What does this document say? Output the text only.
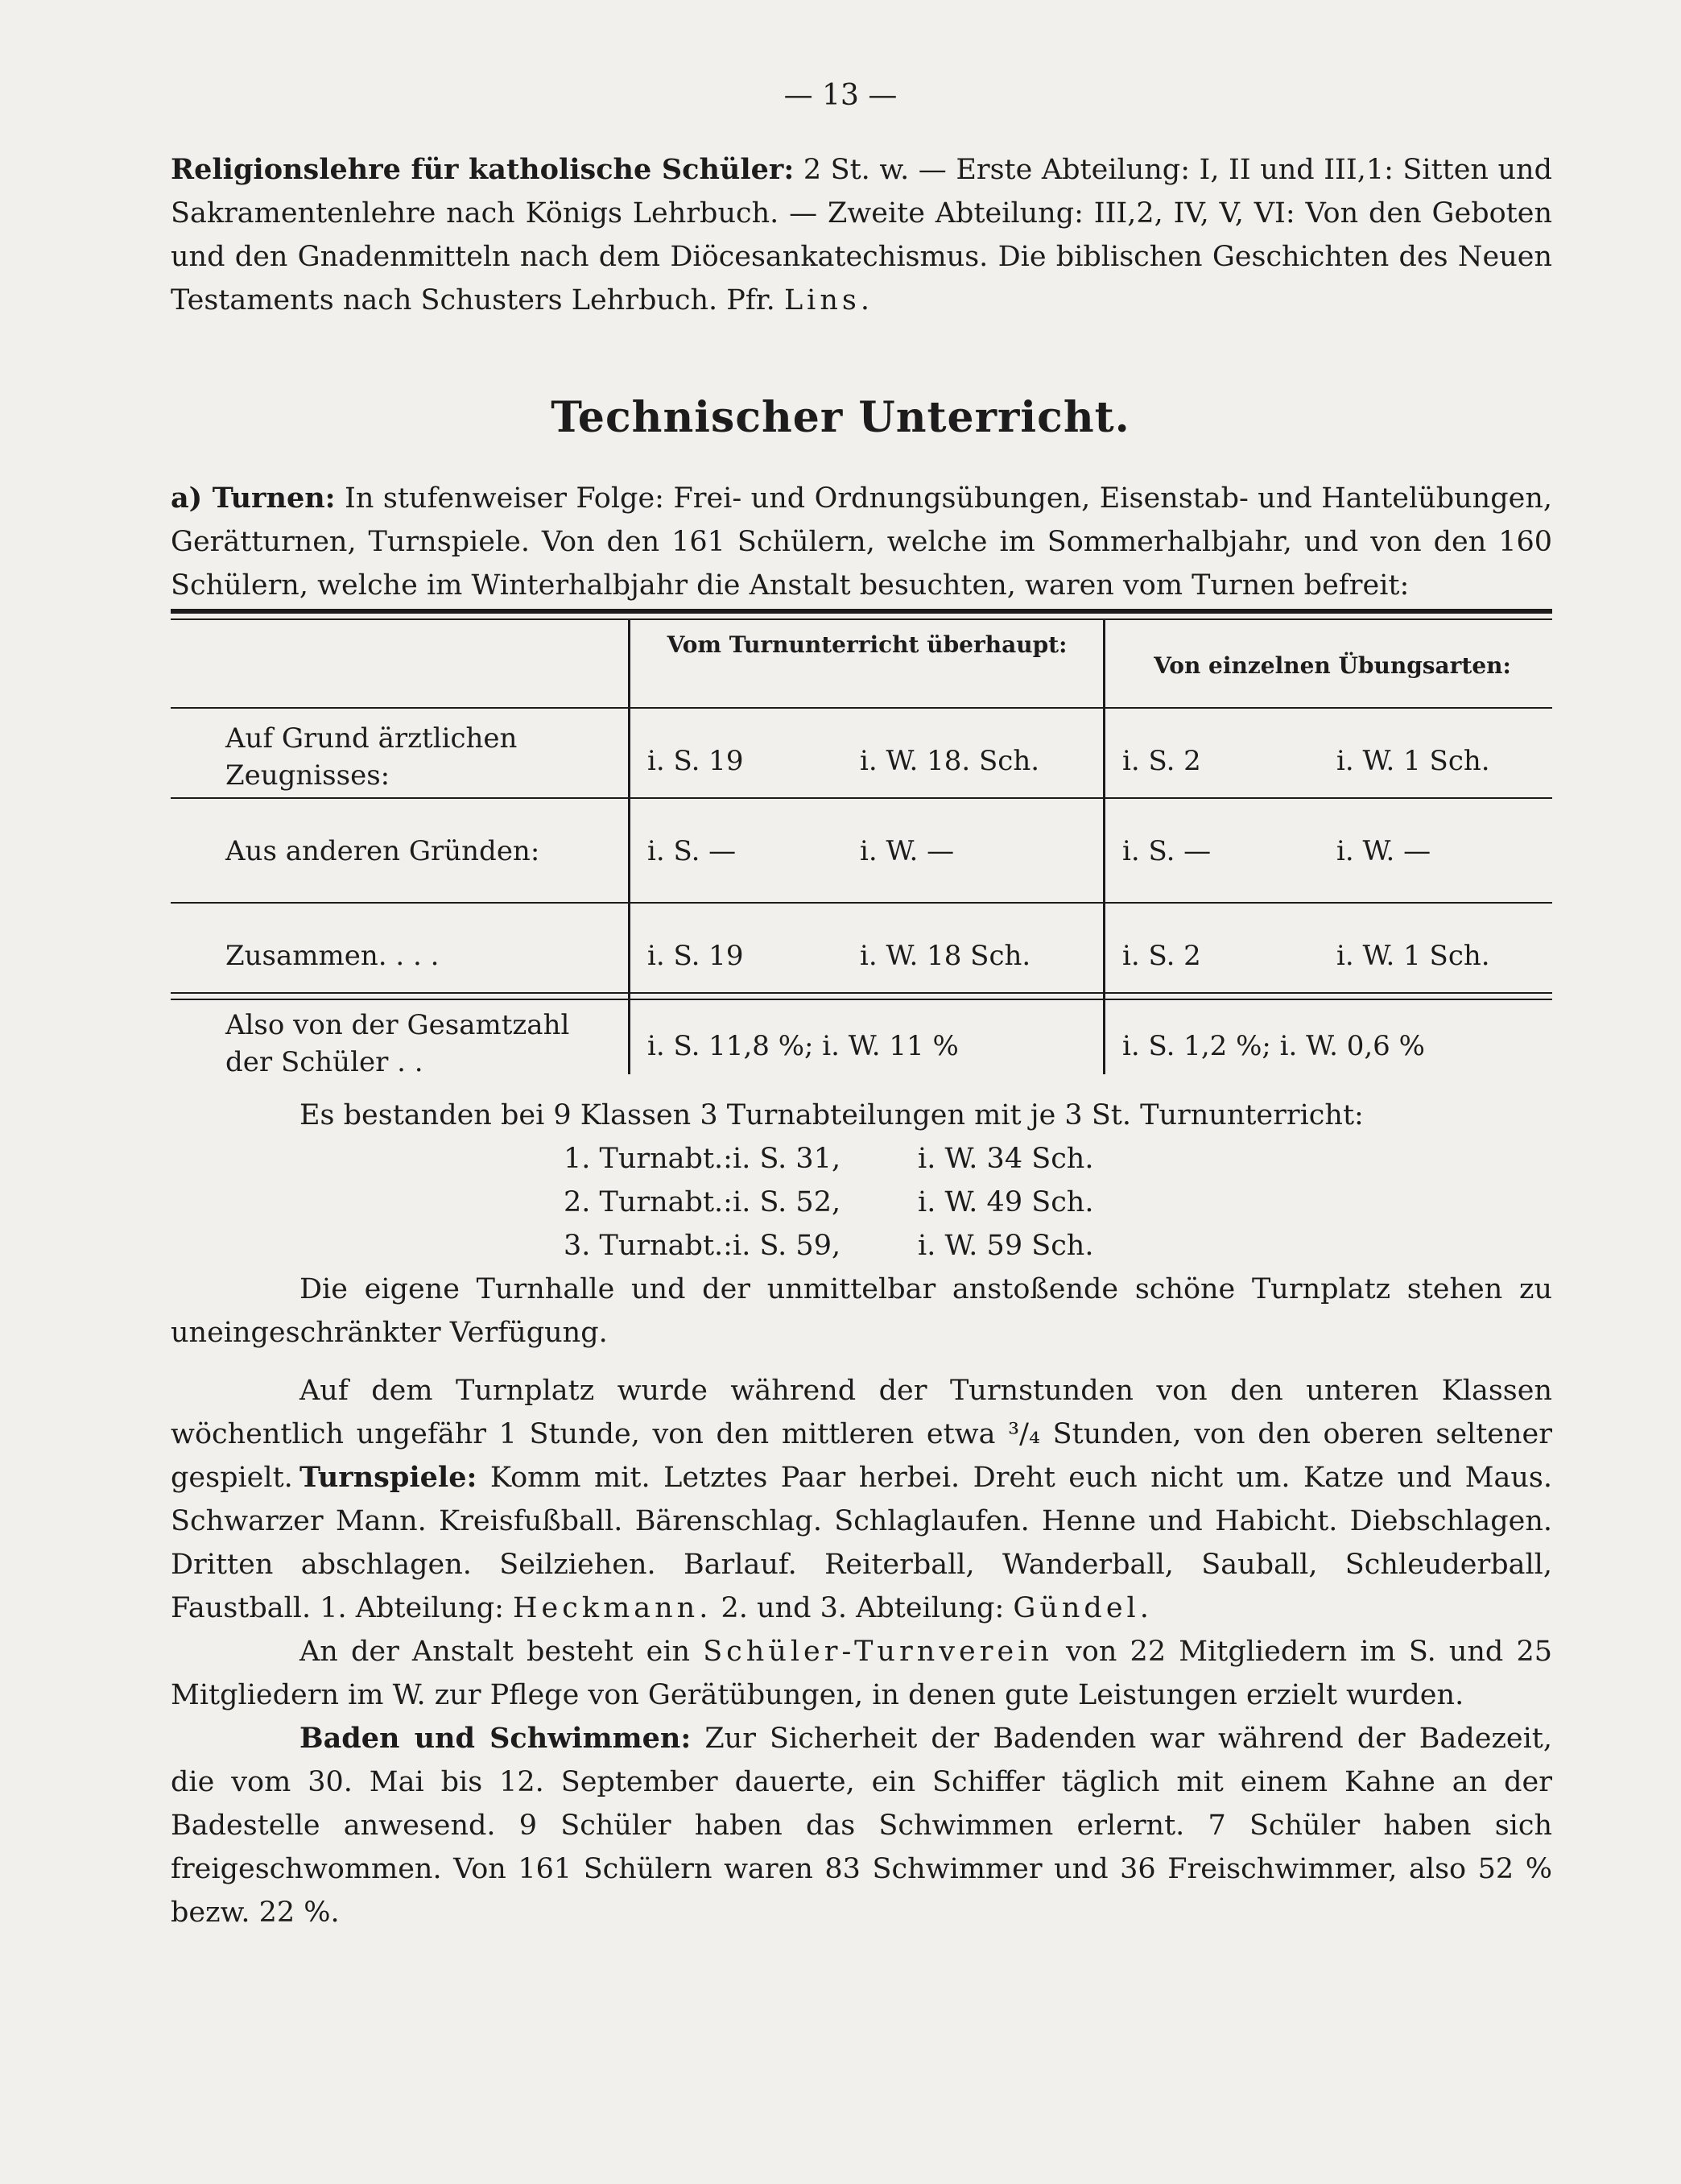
— 13 —

Religionslehre für katholische Schüler: 2 St. w. — Erste Abteilung: I, II und III,1: Sitten und Sakramentenlehre nach Königs Lehrbuch. — Zweite Abteilung: III,2, IV, V, VI: Von den Geboten und den Gnadenmitteln nach dem Diöcesankatechismus. Die biblischen Geschichten des Neuen Testaments nach Schusters Lehrbuch. Pfr. Lins.

Technischer Unterricht.

a) Turnen: In stufenweiser Folge: Frei- und Ordnungsübungen, Eisenstab- und Hantelübungen, Gerätturnen, Turnspiele. Von den 161 Schülern, welche im Sommerhalbjahr, und von den 160 Schülern, welche im Winterhalbjahr die Anstalt besuchten, waren vom Turnen befreit:

Vom Turnunterricht überhaupt:
Von einzelnen Übungsarten:
Auf Grund ärztlichen Zeugnisses:	i. S. 19	i. W. 18. Sch.	i. S. 2	i. W. 1 Sch.
Aus anderen Gründen:	i. S. —	i. W. —	i. S. —	i. W. —
Zusammen. . . .	i. S. 19	i. W. 18 Sch.	i. S. 2	i. W. 1 Sch.
Also von der Gesamtzahl der Schüler . .	i. S. 11,8 %; i. W. 11 %	i. S. 1,2 %; i. W. 0,6 %

Es bestanden bei 9 Klassen 3 Turnabteilungen mit je 3 St. Turnunterricht:

1. Turnabt.:i. S. 31,	i. W. 34 Sch.
2. Turnabt.:i. S. 52,	i. W. 49 Sch.
3. Turnabt.:i. S. 59,	i. W. 59 Sch.

Die eigene Turnhalle und der unmittelbar anstoßende schöne Turnplatz stehen zu uneingeschränkter Verfügung.

Auf dem Turnplatz wurde während der Turnstunden von den unteren Klassen wöchentlich ungefähr 1 Stunde, von den mittleren etwa ³/₄ Stunden, von den oberen seltener gespielt. Turnspiele: Komm mit. Letztes Paar herbei. Dreht euch nicht um. Katze und Maus. Schwarzer Mann. Kreisfußball. Bärenschlag. Schlaglaufen. Henne und Habicht. Diebschlagen. Dritten abschlagen. Seilziehen. Barlauf. Reiterball, Wanderball, Sauball, Schleuderball, Faustball. 1. Abteilung: Heckmann. 2. und 3. Abteilung: Gündel.

An der Anstalt besteht ein Schüler-Turnverein von 22 Mitgliedern im S. und 25 Mitgliedern im W. zur Pflege von Gerätübungen, in denen gute Leistungen erzielt wurden.

Baden und Schwimmen: Zur Sicherheit der Badenden war während der Badezeit, die vom 30. Mai bis 12. September dauerte, ein Schiffer täglich mit einem Kahne an der Badestelle anwesend. 9 Schüler haben das Schwimmen erlernt. 7 Schüler haben sich freigeschwommen. Von 161 Schülern waren 83 Schwimmer und 36 Freischwimmer, also 52 % bezw. 22 %.
